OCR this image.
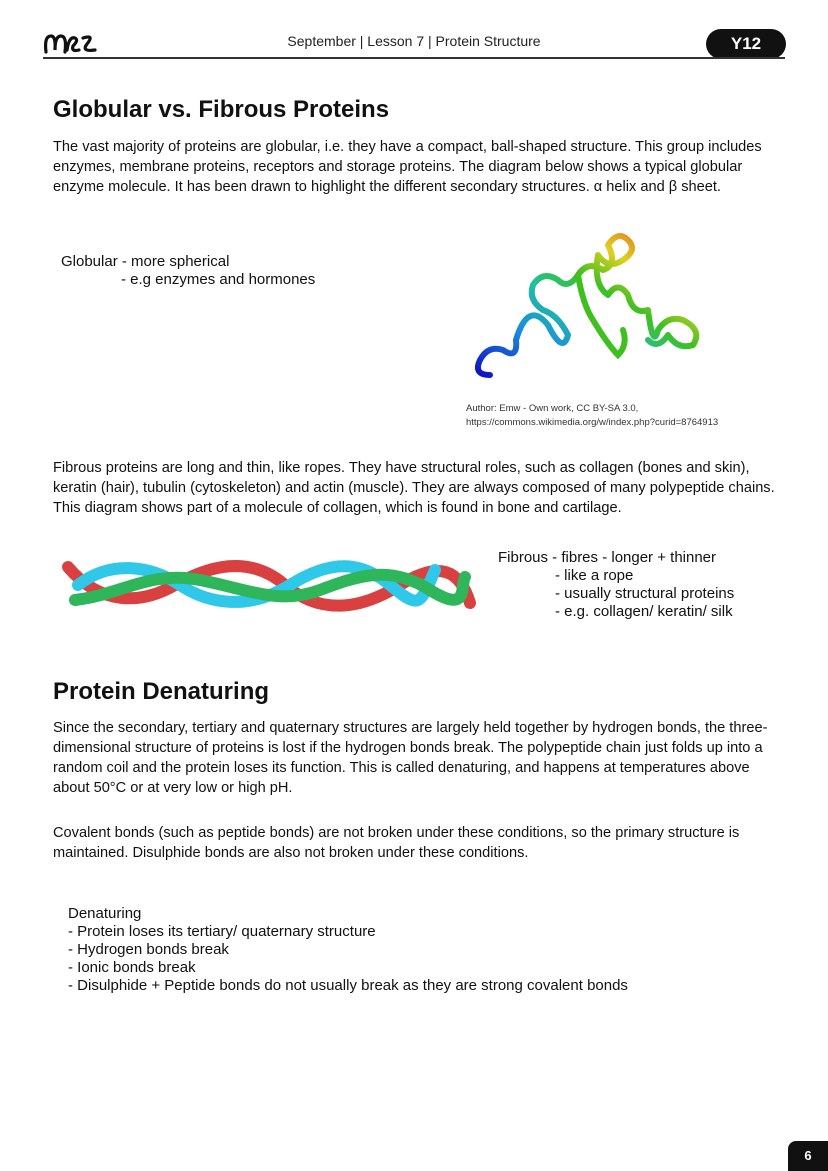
September | Lesson 7 | Protein Structure	Y12
Globular vs. Fibrous Proteins
The vast majority of proteins are globular, i.e. they have a compact, ball-shaped structure. This group includes enzymes, membrane proteins, receptors and storage proteins. The diagram below shows a typical globular enzyme molecule. It has been drawn to highlight the different secondary structures. α helix and β sheet.
Globular - more spherical
- e.g enzymes and hormones
Author: Emw - Own work, CC BY-SA 3.0,
https://commons.wikimedia.org/w/index.php?curid=8764913
Fibrous proteins are long and thin, like ropes. They have structural roles, such as collagen (bones and skin), keratin (hair), tubulin (cytoskeleton) and actin (muscle). They are always composed of many polypeptide chains. This diagram shows part of a molecule of collagen, which is found in bone and cartilage.
Fibrous - fibres - longer + thinner
- like a rope
- usually structural proteins
- e.g. collagen/ keratin/ silk
Protein Denaturing
Since the secondary, tertiary and quaternary structures are largely held together by hydrogen bonds, the three-dimensional structure of proteins is lost if the hydrogen bonds break. The polypeptide chain just folds up into a random coil and the protein loses its function. This is called denaturing, and happens at temperatures above about 50°C or at very low or high pH.
Covalent bonds (such as peptide bonds) are not broken under these conditions, so the primary structure is maintained. Disulphide bonds are also not broken under these conditions.
Denaturing
- Protein loses its tertiary/ quaternary structure
- Hydrogen bonds break
- Ionic bonds break
- Disulphide + Peptide bonds do not usually break as they are strong covalent bonds
6
